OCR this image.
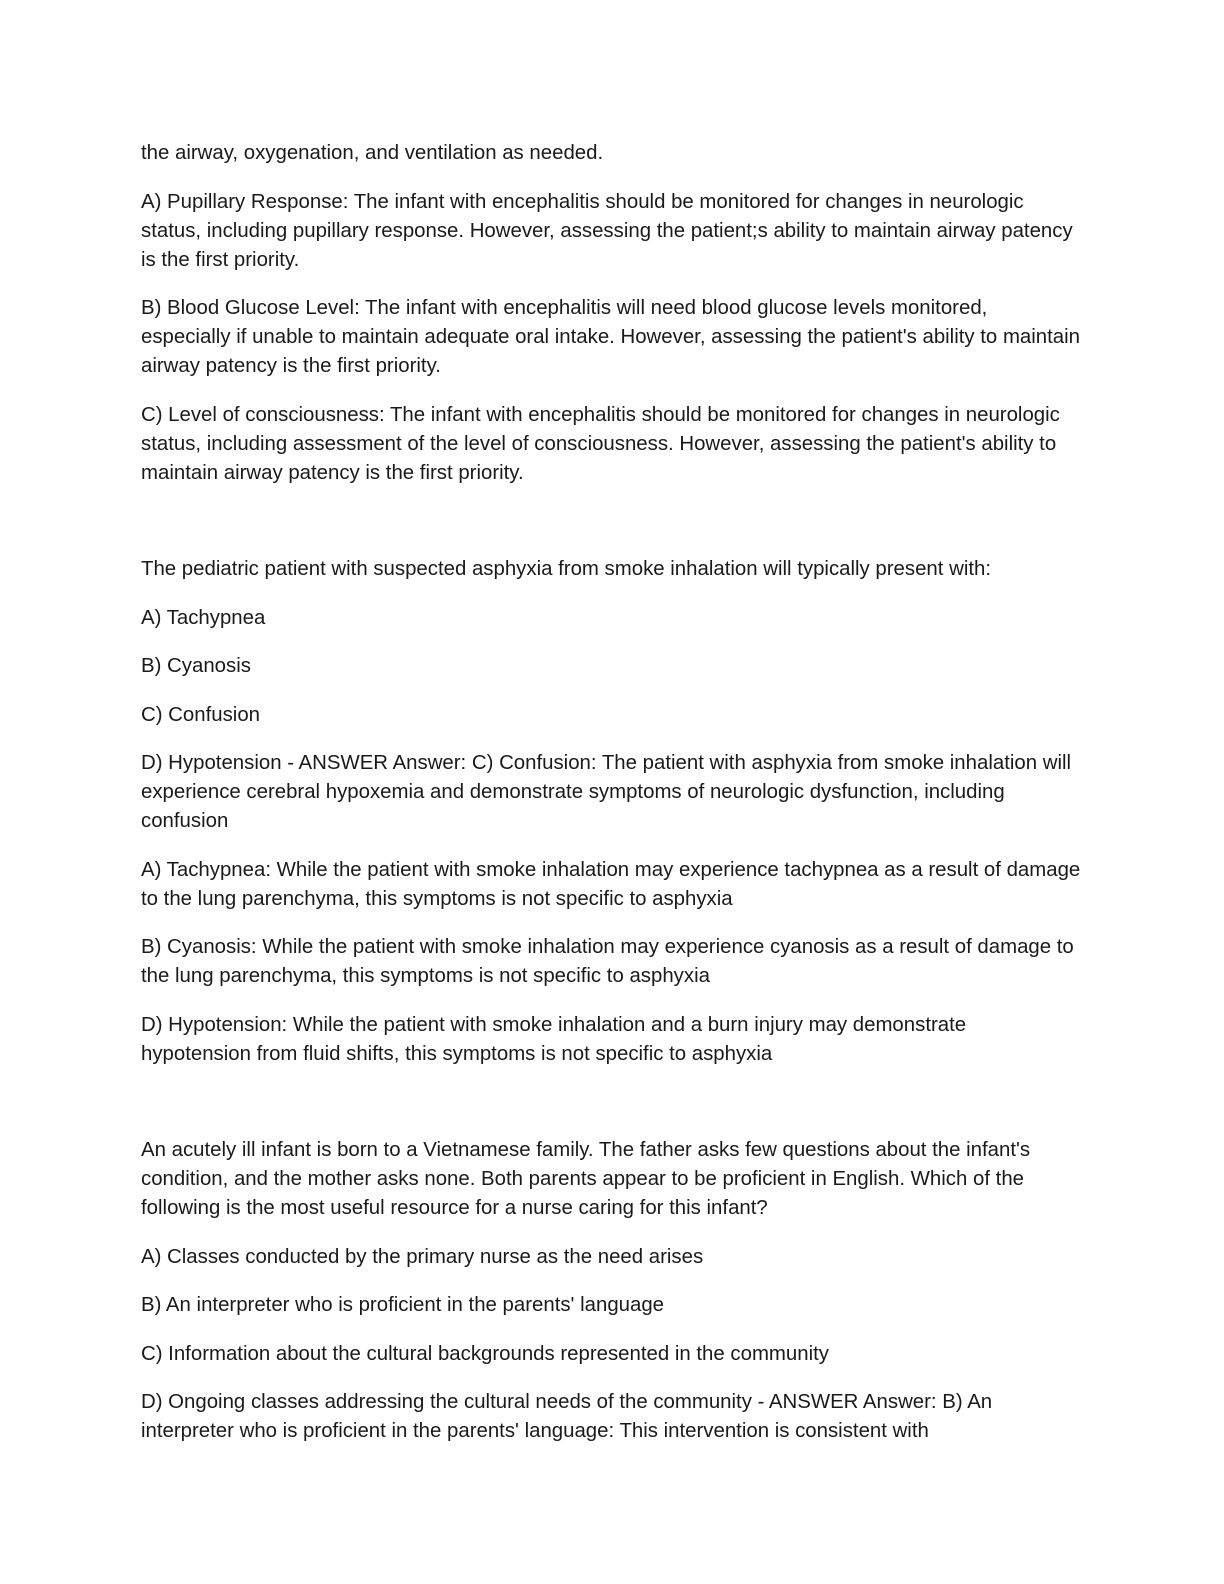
the airway, oxygenation, and ventilation as needed.

A) Pupillary Response: The infant with encephalitis should be monitored for changes in neurologic status, including pupillary response. However, assessing the patient;s ability to maintain airway patency is the first priority.

B) Blood Glucose Level: The infant with encephalitis will need blood glucose levels monitored, especially if unable to maintain adequate oral intake. However, assessing the patient's ability to maintain airway patency is the first priority.

C) Level of consciousness: The infant with encephalitis should be monitored for changes in neurologic status, including assessment of the level of consciousness. However, assessing the patient's ability to maintain airway patency is the first priority.

The pediatric patient with suspected asphyxia from smoke inhalation will typically present with:

A) Tachypnea

B) Cyanosis

C) Confusion

D) Hypotension - ANSWER Answer: C) Confusion: The patient with asphyxia from smoke inhalation will experience cerebral hypoxemia and demonstrate symptoms of neurologic dysfunction, including confusion

A) Tachypnea: While the patient with smoke inhalation may experience tachypnea as a result of damage to the lung parenchyma, this symptoms is not specific to asphyxia

B) Cyanosis: While the patient with smoke inhalation may experience cyanosis as a result of damage to the lung parenchyma, this symptoms is not specific to asphyxia

D) Hypotension: While the patient with smoke inhalation and a burn injury may demonstrate hypotension from fluid shifts, this symptoms is not specific to asphyxia

An acutely ill infant is born to a Vietnamese family. The father asks few questions about the infant's condition, and the mother asks none. Both parents appear to be proficient in English. Which of the following is the most useful resource for a nurse caring for this infant?

A) Classes conducted by the primary nurse as the need arises

B) An interpreter who is proficient in the parents' language

C) Information about the cultural backgrounds represented in the community

D) Ongoing classes addressing the cultural needs of the community - ANSWER Answer: B) An interpreter who is proficient in the parents' language: This intervention is consistent with
